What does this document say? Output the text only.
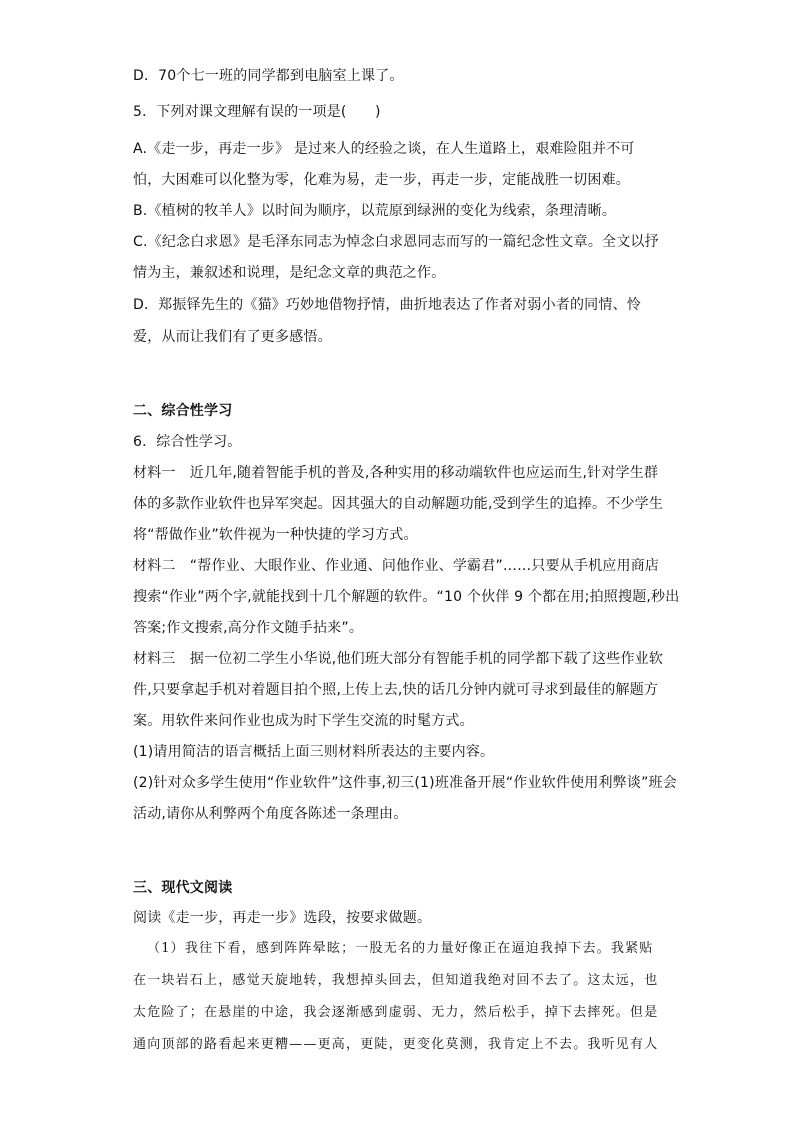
D．70个七一班的同学都到电脑室上课了。
5．下列对课文理解有误的一项是(　　)
A.《走一步，再走一步》 是过来人的经验之谈，在人生道路上，艰难险阻并不可
怕，大困难可以化整为零，化难为易，走一步，再走一步，定能战胜一切困难。
B.《植树的牧羊人》以时间为顺序，以荒原到绿洲的变化为线索，条理清晰。
C.《纪念白求恩》是毛泽东同志为悼念白求恩同志而写的一篇纪念性文章。全文以抒
情为主，兼叙述和说理，是纪念文章的典范之作。
D．郑振铎先生的《猫》巧妙地借物抒情，曲折地表达了作者对弱小者的同情、怜
爱，从而让我们有了更多感悟。
二、综合性学习
6．综合性学习。
材料一　近几年,随着智能手机的普及,各种实用的移动端软件也应运而生,针对学生群
体的多款作业软件也异军突起。因其强大的自动解题功能,受到学生的追捧。不少学生
将“帮做作业”软件视为一种快捷的学习方式。
材料二　“帮作业、大眼作业、作业通、问他作业、学霸君”……只要从手机应用商店
搜索“作业”两个字,就能找到十几个解题的软件。“10 个伙伴 9 个都在用;拍照搜题,秒出
答案;作文搜索,高分作文随手拈来”。
材料三　据一位初二学生小华说,他们班大部分有智能手机的同学都下载了这些作业软
件,只要拿起手机对着题目拍个照,上传上去,快的话几分钟内就可寻求到最佳的解题方
案。用软件来问作业也成为时下学生交流的时髦方式。
(1)请用简洁的语言概括上面三则材料所表达的主要内容。
(2)针对众多学生使用“作业软件”这件事,初三(1)班准备开展“作业软件使用利弊谈”班会
活动,请你从利弊两个角度各陈述一条理由。
三、现代文阅读
阅读《走一步，再走一步》选段，按要求做题。
（1）我往下看，感到阵阵晕眩；一股无名的力量好像正在逼迫我掉下去。我紧贴
在一块岩石上，感觉天旋地转，我想掉头回去，但知道我绝对回不去了。这太远，也
太危险了；在悬崖的中途，我会逐渐感到虚弱、无力，然后松手，掉下去摔死。但是
通向顶部的路看起来更糟——更高，更陡，更变化莫测，我肯定上不去。我听见有人
